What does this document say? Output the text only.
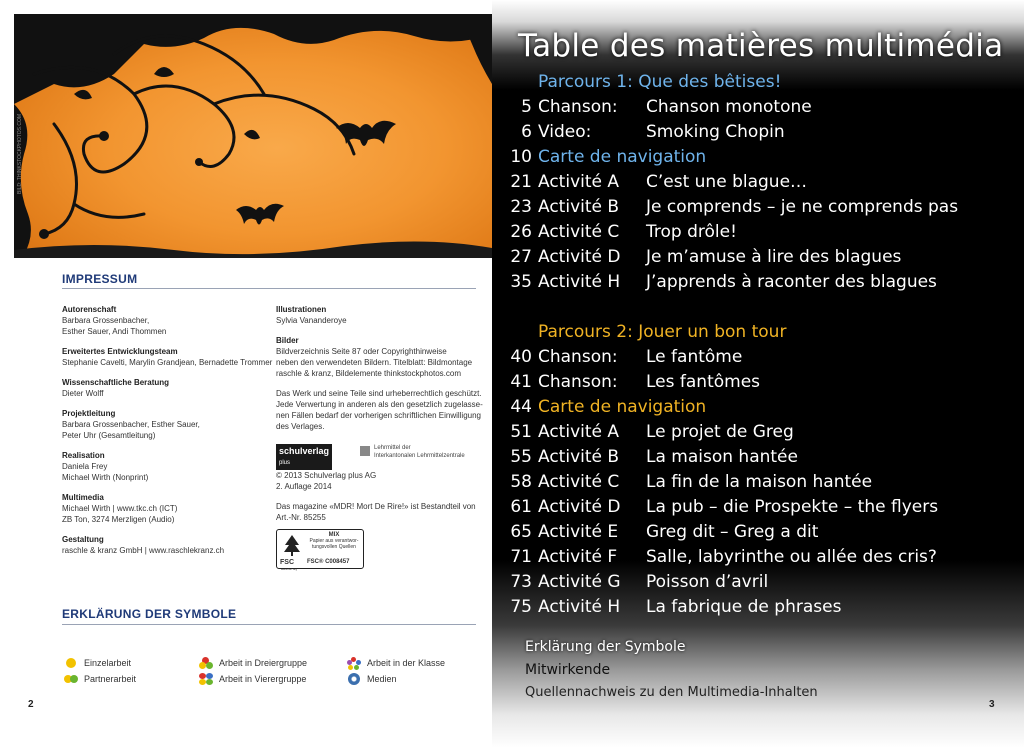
BILD: THINKSTOCKPHOTOS.COM
IMPRESSUM
Autorenschaft
Barbara Grossenbacher,
Esther Sauer, Andi Thommen
Erweitertes Entwicklungsteam
Stephanie Cavelti, Marylin Grandjean, Bernadette Trommer
Wissenschaftliche Beratung
Dieter Wolff
Projektleitung
Barbara Grossenbacher, Esther Sauer,
Peter Uhr (Gesamtleitung)
Realisation
Daniela Frey
Michael Wirth (Nonprint)
Multimedia
Michael Wirth | www.tkc.ch (ICT)
ZB Ton, 3274 Merzligen (Audio)
Gestaltung
raschle & kranz GmbH | www.raschlekranz.ch
Illustrationen
Sylvia Vananderoye
Bilder
Bildverzeichnis Seite 87 oder Copyrighthinweise
neben den verwendeten Bildern. Titelblatt: Bildmontage
raschle & kranz, Bildelemente thinkstockphotos.com
Das Werk und seine Teile sind urheberrechtlich geschützt.
Jede Verwertung in anderen als den gesetzlich zugelasse-
nen Fällen bedarf der vorherigen schriftlichen Einwilligung
des Verlages.
schulverlag
plus
Lehrmittel der
Interkantonalen Lehrmittelzentrale
© 2013 Schulverlag plus AG
2. Auflage 2014
Das magazine «MDR! Mort De Rire!» ist Bestandteil von
Art.-Nr. 85255
FSC
MIX
Papier aus verantwor-
tungsvollen Quellen
FSC® C008457
www.fsc.org
ERKLÄRUNG DER SYMBOLE
Einzelarbeit
Partnerarbeit
Arbeit in Dreiergruppe
Arbeit in Vierergruppe
Arbeit in der Klasse
Medien
2
Table des matières multimédia
Parcours 1: Que des bêtises!
5 Chanson: Chanson monotone
6 Video:	Smoking Chopin
10 Carte de navigation
21 Activité A C’est une blague…
23 Activité B Je comprends – je ne comprends pas
26 Activité C Trop drôle!
27 Activité D Je m’amuse à lire des blagues
35 Activité H J’apprends à raconter des blagues
Parcours 2: Jouer un bon tour
40 Chanson: Le fantôme
41 Chanson: Les fantômes
44 Carte de navigation
51 Activité A Le projet de Greg
55 Activité B La maison hantée
58 Activité C La fin de la maison hantée
61 Activité D La pub – die Prospekte – the flyers
65 Activité E Greg dit – Greg a dit
71 Activité F Salle, labyrinthe ou allée des cris?
73 Activité G Poisson d’avril
75 Activité H La fabrique de phrases
Erklärung der Symbole
Mitwirkende
Quellennachweis zu den Multimedia-Inhalten
3
